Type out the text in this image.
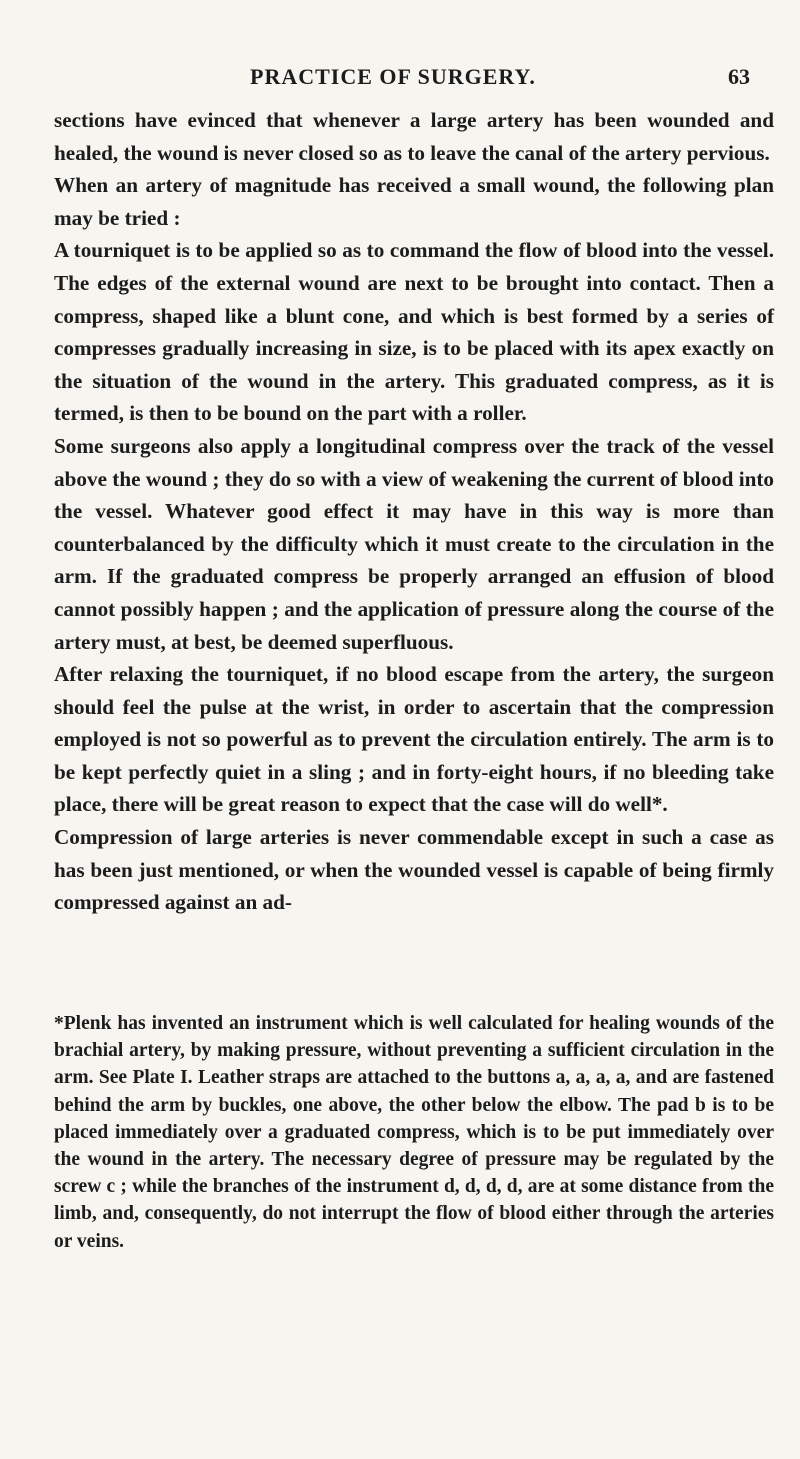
PRACTICE OF SURGERY.	63

sections have evinced that whenever a large artery has been wounded and healed, the wound is never closed so as to leave the canal of the artery pervious.

When an artery of magnitude has received a small wound, the following plan may be tried :

A tourniquet is to be applied so as to command the flow of blood into the vessel. The edges of the external wound are next to be brought into contact. Then a compress, shaped like a blunt cone, and which is best formed by a series of compresses gradually increasing in size, is to be placed with its apex exactly on the situation of the wound in the artery. This graduated compress, as it is termed, is then to be bound on the part with a roller.

Some surgeons also apply a longitudinal compress over the track of the vessel above the wound ; they do so with a view of weakening the current of blood into the vessel. Whatever good effect it may have in this way is more than counterbalanced by the difficulty which it must create to the circulation in the arm. If the graduated compress be properly arranged an effusion of blood cannot possibly happen ; and the application of pressure along the course of the artery must, at best, be deemed superfluous.

After relaxing the tourniquet, if no blood escape from the artery, the surgeon should feel the pulse at the wrist, in order to ascertain that the compression employed is not so powerful as to prevent the circulation entirely. The arm is to be kept perfectly quiet in a sling ; and in forty-eight hours, if no bleeding take place, there will be great reason to expect that the case will do well*.

Compression of large arteries is never commendable except in such a case as has been just mentioned, or when the wounded vessel is capable of being firmly compressed against an ad-

*Plenk has invented an instrument which is well calculated for healing wounds of the brachial artery, by making pressure, without preventing a sufficient circulation in the arm. See Plate I. Leather straps are attached to the buttons a, a, a, a, and are fastened behind the arm by buckles, one above, the other below the elbow. The pad b is to be placed immediately over a graduated compress, which is to be put immediately over the wound in the artery. The necessary degree of pressure may be regulated by the screw c ; while the branches of the instrument d, d, d, d, are at some distance from the limb, and, consequently, do not interrupt the flow of blood either through the arteries or veins.
